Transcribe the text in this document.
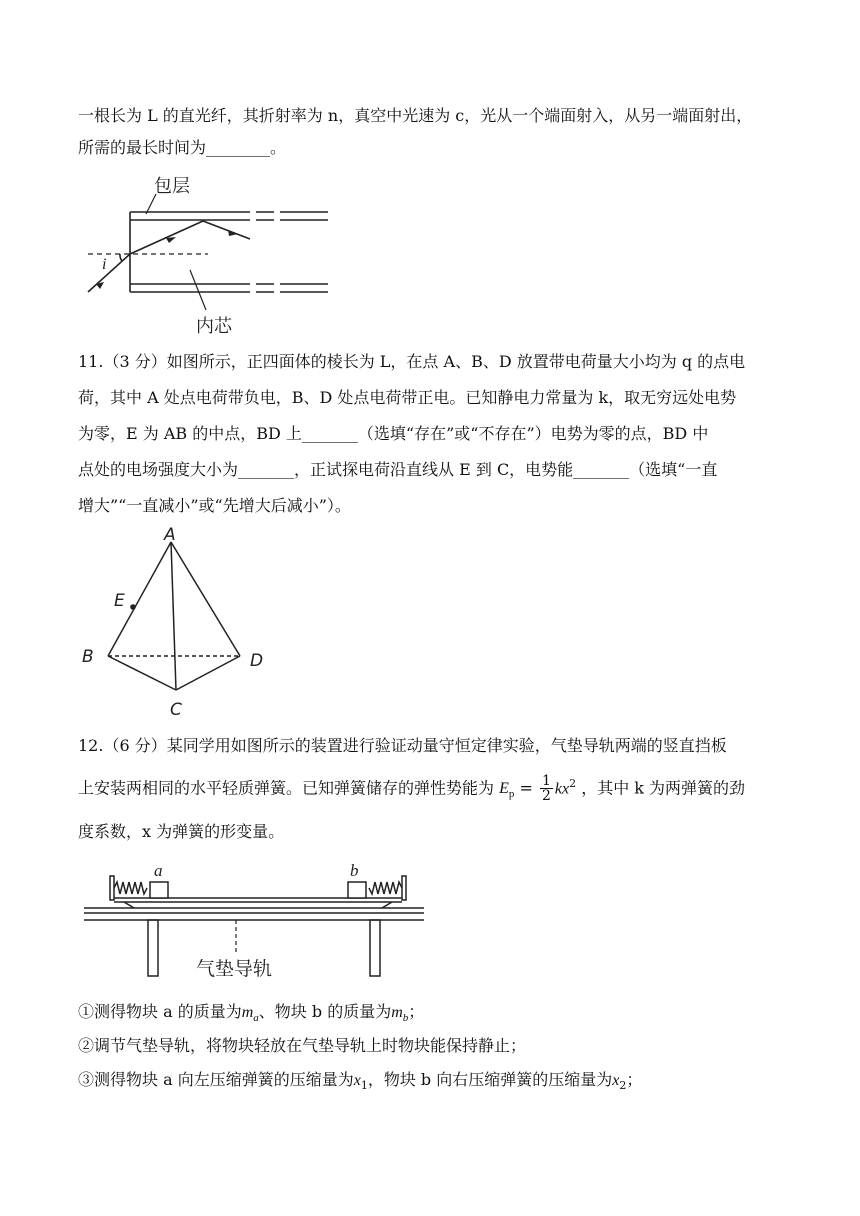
一根长为 L 的直光纤，其折射率为 n，真空中光速为 c，光从一个端面射入，从另一端面射出，
所需的最长时间为________。
包层
内芯
i
11.（3 分）如图所示，正四面体的棱长为 L，在点 A、B、D 放置带电荷量大小均为 q 的点电
荷，其中 A 处点电荷带负电，B、D 处点电荷带正电。已知静电力常量为 k，取无穷远处电势
为零，E 为 AB 的中点，BD 上_______（选填“存在”或“不存在”）电势为零的点，BD 中
点处的电场强度大小为_______，正试探电荷沿直线从 E 到 C，电势能_______（选填“一直
增大”“一直减小”或“先增大后减小”）。
A
E
B	D
C
12.（6 分）某同学用如图所示的装置进行验证动量守恒定律实验，气垫导轨两端的竖直挡板
上安装两相同的水平轻质弹簧。已知弹簧储存的弹性势能为 $E_p = \frac{1}{2} kx^2$ ，其中 k 为两弹簧的劲
度系数，x 为弹簧的形变量。
a	b
气垫导轨
①测得物块 a 的质量为$m_a$、物块 b 的质量为$m_b$；
②调节气垫导轨，将物块轻放在气垫导轨上时物块能保持静止；
③测得物块 a 向左压缩弹簧的压缩量为$x_1$，物块 b 向右压缩弹簧的压缩量为$x_2$；
